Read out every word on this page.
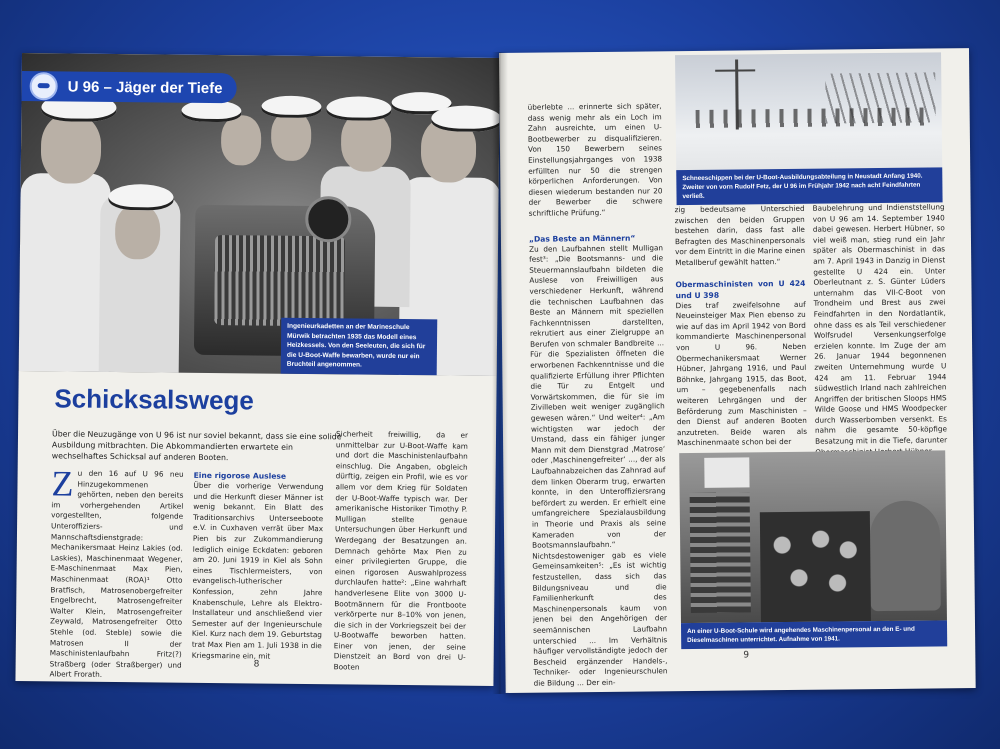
Ingenieurkadetten an der Marineschule Mürwik betrachten 1935 das Modell eines Heizkessels. Von den Seeleuten, die sich für die U-Boot-Waffe bewarben, wurde nur ein Bruchteil angenommen.
U 96 – Jäger der Tiefe
Schicksalswege
Über die Neuzugänge von U 96 ist nur soviel bekannt, dass sie eine solide Ausbildung mitbrachten. Die Abkommandierten erwartete ein wechselhaftes Schicksal auf anderen Booten.
Z u den 16 auf U 96 neu Hinzugekommenen gehörten, neben den bereits im vorhergehenden Artikel vorgestellten, folgende Unteroffiziers- und Mannschaftsdienstgrade: Mechanikersmaat Heinz Lakies (od. Laskies), Maschinenmaat Wegener, E-Maschinenmaat Max Pien, Maschinenmaat (ROA)¹ Otto Bratfisch, Matrosenobergefreiter Engelbrecht, Matrosengefreiter Walter Klein, Matrosengefreiter Zeywald, Matrosengefreiter Otto Stehle (od. Steble) sowie die Matrosen II der Maschinistenlaufbahn Fritz(?) Straßberg (oder Straßberger) und Albert Frorath.
Eine rigorose Auslese

Über die vorherige Verwendung und die Herkunft dieser Männer ist wenig bekannt. Ein Blatt des Traditionsarchivs Unterseeboote e.V. in Cuxhaven verrät über Max Pien bis zur Zukommandierung lediglich einige Eckdaten: geboren am 20. Juni 1919 in Kiel als Sohn eines Tischlermeisters, von evangelisch-lutherischer Konfession, zehn Jahre Knabenschule, Lehre als Elektro-Installateur und anschließend vier Semester auf der Ingenieurschule Kiel. Kurz nach dem 19. Geburtstag trat Max Pien am 1. Juli 1938 in die Kriegsmarine ein, mit

Sicherheit freiwillig, da er unmittelbar zur U-Boot-Waffe kam und dort die Maschinistenlaufbahn einschlug. Die Angaben, obgleich dürftig, zeigen ein Profil, wie es vor allem vor dem Krieg für Soldaten der U-Boot-Waffe typisch war. Der amerikanische Historiker Timothy P. Mulligan stellte genaue Untersuchungen über Herkunft und Werdegang der Besatzungen an. Demnach gehörte Max Pien zu einer privilegierten Gruppe, die einen rigorosen Auswahlprozess durchlaufen hatte²: „Eine wahrhaft handverlesene Elite von 3000 U-Bootmännern für die Frontboote verkörperte nur 8–10% von jenen, die sich in der Vorkriegszeit bei der U-Bootwaffe beworben hatten. Einer von jenen, der seine Dienstzeit an Bord von drei U-Booten

8
Schneeschippen bei der U-Boot-Ausbildungsabteilung in Neustadt Anfang 1940. Zweiter von vorn Rudolf Fetz, der U 96 im Frühjahr 1942 nach acht Feindfahrten verließ.

überlebte ... erinnerte sich später, dass wenig mehr als ein Loch im Zahn ausreichte, um einen U-Bootbewerber zu disqualifizieren. Von 150 Bewerbern seines Einstellungsjahrganges von 1938 erfüllten nur 50 die strengen körperlichen Anforderungen. Von diesen wiederum bestanden nur 20 der Bewerber die schwere schriftliche Prüfung.“

„Das Beste an Männern“

Zu den Laufbahnen stellt Mulligan fest³: „Die Bootsmanns- und die Steuermannslaufbahn bildeten die Auslese von Freiwilligen aus verschiedener Herkunft, während die technischen Laufbahnen das Beste an Männern mit speziellen Fachkenntnissen darstellten, rekrutiert aus einer Zielgruppe an Berufen von schmaler Bandbreite ... Für die Spezialisten öffneten die erworbenen Fachkenntnisse und die qualifizierte Erfüllung ihrer Pflichten die Tür zu Entgelt und Vorwärtskommen, die für sie im Zivilleben weit weniger zugänglich gewesen wären.“ Und weiter⁴: „Am wichtigsten war jedoch der Umstand, dass ein fähiger junger Mann mit dem Dienstgrad ‚Matrose‘ oder ‚Maschinengefreiter‘ ..., der als Laufbahnabzeichen das Zahnrad auf dem linken Oberarm trug, erwarten konnte, in den Unteroffiziersrang befördert zu werden. Er erhielt eine umfangreichere Spezialausbildung in Theorie und Praxis als seine Kameraden von der Bootsmannslaufbahn.“ Nichtsdestoweniger gab es viele Gemeinsamkeiten⁵: „Es ist wichtig festzustellen, dass sich das Bildungsniveau und die Familienherkunft des Maschinenpersonals kaum von jenen bei den Angehörigen der seemännischen Laufbahn unterschied ... Im Verhältnis häufiger vervollständigte jedoch der Bescheid ergänzender Handels-, Techniker- oder Ingenieurschulen die Bildung ... Der ein-

zig bedeutsame Unterschied zwischen den beiden Gruppen bestehen darin, dass fast alle Befragten des Maschinenpersonals vor dem Eintritt in die Marine einen Metallberuf gewählt hatten.“

Obermaschinisten von U 424 und U 398

Dies traf zweifelsohne auf Neueinsteiger Max Pien ebenso zu wie auf das im April 1942 von Bord kommandierte Maschinenpersonal von U 96. Neben Obermechanikersmaat Werner Hübner, Jahrgang 1916, und Paul Böhnke, Jahrgang 1915, das Boot, um – gegebenenfalls nach weiteren Lehrgängen und der Beförderung zum Maschinisten – den Dienst auf anderen Booten anzutreten. Beide waren als Maschinenmaate schon bei der

Baubelehrung und Indienststellung von U 96 am 14. September 1940 dabei gewesen. Herbert Hübner, so viel weiß man, stieg rund ein Jahr später als Obermaschinist in das am 7. April 1943 in Danzig in Dienst gestellte U 424 ein. Unter Oberleutnant z. S. Günter Lüders unternahm das VII-C-Boot von Trondheim und Brest aus zwei Feindfahrten in den Nordatlantik, ohne dass es als Teil verschiedener Wolfsrudel Versenkungserfolge erzielen konnte. Im Zuge der am 26. Januar 1944 begonnenen zweiten Unternehmung wurde U 424 am 11. Februar 1944 südwestlich Irland nach zahlreichen Angriffen der britischen Sloops HMS Wilde Goose und HMS Woodpecker durch Wasserbomben versenkt. Es nahm die gesamte 50-köpfige Besatzung mit in die Tiefe, darunter

An einer U-Boot-Schule wird angehendes Maschinenpersonal an den E- und Dieselmaschinen unterrichtet. Aufnahme von 1941.
9
